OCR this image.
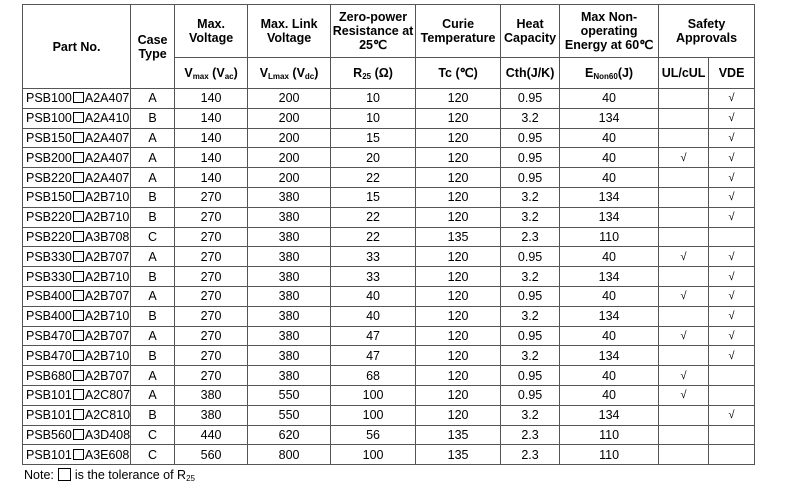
Part No.	Case Type	Max. Voltage	Max. Link Voltage	Zero-power Resistance at 25℃	Curie Temperature	Heat Capacity	Max Non-operating Energy at 60℃	Safety Approvals	
		$V_{max}$ $(V_{ac})$	$V_{Lmax}$ $(V_{dc})$	$R_{25}$ (Ω)	Tc (℃)	Cth(J/K)	$E_{Non60}(J)$	UL/cUL	VDE
PSB100 A2A407	A	140	200	10	120	0.95	40		√
PSB100 A2A410	B	140	200	10	120	3.2	134		√
PSB150 A2A407	A	140	200	15	120	0.95	40		√
PSB200 A2A407	A	140	200	20	120	0.95	40	√	√
PSB220 A2A407	A	140	200	22	120	0.95	40		√
PSB150 A2B710	B	270	380	15	120	3.2	134		√
PSB220 A2B710	B	270	380	22	120	3.2	134		√
PSB220 A3B708	C	270	380	22	135	2.3	110		
PSB330 A2B707	A	270	380	33	120	0.95	40	√	√
PSB330 A2B710	B	270	380	33	120	3.2	134		√
PSB400 A2B707	A	270	380	40	120	0.95	40	√	√
PSB400 A2B710	B	270	380	40	120	3.2	134		√
PSB470 A2B707	A	270	380	47	120	0.95	40	√	√
PSB470 A2B710	B	270	380	47	120	3.2	134		√
PSB680 A2B707	A	270	380	68	120	0.95	40	√	
PSB101 A2C807	A	380	550	100	120	0.95	40	√	
PSB101 A2C810	B	380	550	100	120	3.2	134		√
PSB560 A3D408	C	440	620	56	135	2.3	110		
PSB101 A3E608	C	560	800	100	135	2.3	110		
Note: is the tolerance of $R_{25}$
